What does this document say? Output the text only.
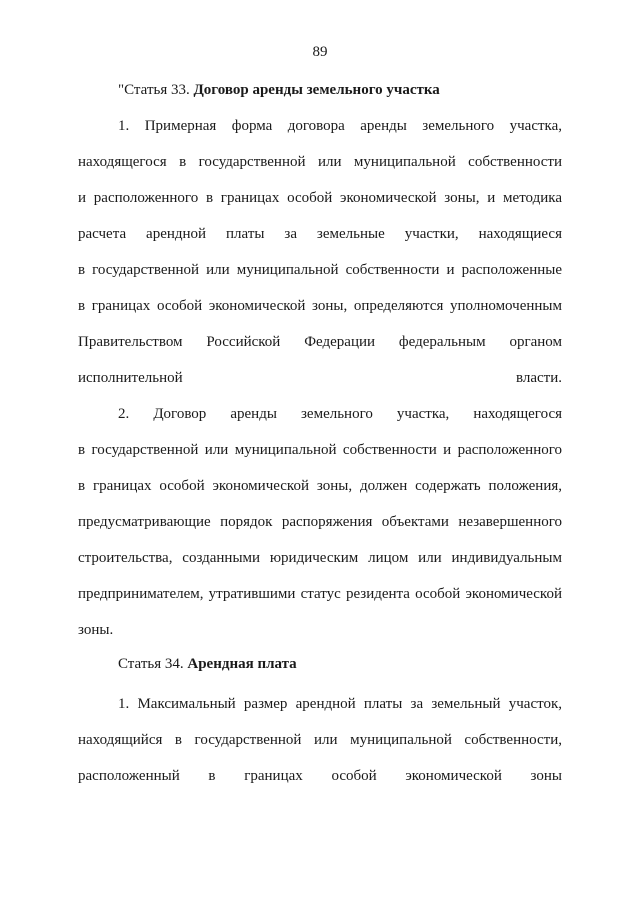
89
"Статья 33. Договор аренды земельного участка
1. Примерная форма договора аренды земельного участка,
находящегося в государственной или муниципальной собственности
и расположенного в границах особой экономической зоны, и методика
расчета арендной платы за земельные участки, находящиеся
в государственной или муниципальной собственности и расположенные
в границах особой экономической зоны, определяются уполномоченным
Правительством Российской Федерации федеральным органом
исполнительной власти.
2. Договор аренды земельного участка, находящегося
в государственной или муниципальной собственности и расположенного
в границах особой экономической зоны, должен содержать положения,
предусматривающие порядок распоряжения объектами незавершенного
строительства, созданными юридическим лицом или индивидуальным
предпринимателем, утратившими статус резидента особой экономической
зоны.
Статья 34. Арендная плата
1. Максимальный размер арендной платы за земельный участок,
находящийся в государственной или муниципальной собственности,
расположенный в границах особой экономической зоны
